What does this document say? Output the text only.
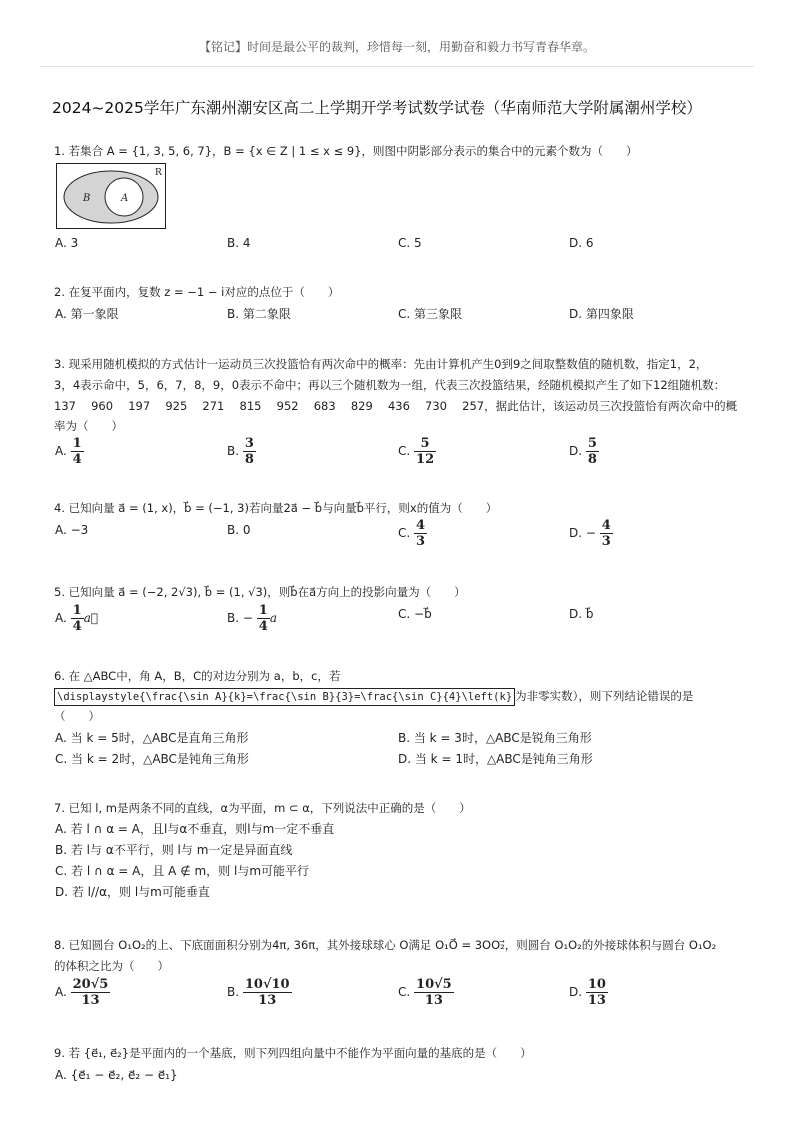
【铭记】时间是最公平的裁判，珍惜每一刻，用勤奋和毅力书写青春华章。
2024~2025学年广东潮州潮安区高二上学期开学考试数学试卷（华南师范大学附属潮州学校）
1. 若集合 A = {1, 3, 5, 6, 7}，B = {x ∈ Z | 1 ≤ x ≤ 9}，则图中阴影部分表示的集合中的元素个数为（　　）
R
B	A
A. 3	B. 4	C. 5	D. 6
2. 在复平面内，复数 z = −1 − i对应的点位于（　　）
A. 第一象限	B. 第二象限	C. 第三象限	D. 第四象限
3. 现采用随机模拟的方式估计一运动员三次投篮恰有两次命中的概率：先由计算机产生0到9之间取整数值的随机数，指定1，2，
3，4表示命中，5，6，7，8，9，0表示不命中；再以三个随机数为一组，代表三次投篮结果，经随机模拟产生了如下12组随机数：
137　 960　 197　 925　 271　 815　 952　 683　 829　 436　 730　 257，据此估计，该运动员三次投篮恰有两次命中的概
率为（　　）
A. $\frac{1}{4}$	B. $\frac{3}{8}$	C. $\frac{5}{12}$	D. $\frac{5}{8}$
4. 已知向量 a⃗ = (1, x)，b⃗ = (−1, 3)若向量2a⃗ − b⃗与向量b⃗平行，则x的值为（　　）
A. −3	B. 0	C. $\frac{4}{3}$	D. − $\frac{4}{3}$
5. 已知向量 a⃗ = (−2, 2√3), b⃗ = (1, √3)，则b⃗在a⃗方向上的投影向量为（　　）
A. $\frac{1}{4}$ a⃗	B. − $\frac{1}{4}$ a	C. −b⃗	D. b⃗
6. 在 △ABC中，角 A，B，C的对边分别为 a，b，c，若
\displaystyle{\frac{\sin A}{k}=\frac{\sin B}{3}=\frac{\sin C}{4}\left(k} 为非零实数），则下列结论错误的是
（　　）
A. 当 k = 5时，△ABC是直角三角形	B. 当 k = 3时，△ABC是锐角三角形
C. 当 k = 2时，△ABC是钝角三角形	D. 当 k = 1时，△ABC是钝角三角形
7. 已知 l, m是两条不同的直线，α为平面，m ⊂ α，下列说法中正确的是（　　）
A. 若 l ∩ α = A，且l与α不垂直，则l与m一定不垂直
B. 若 l与 α不平行，则 l与 m一定是异面直线
C. 若 l ∩ α = A，且 A ∉ m，则 l与m可能平行
D. 若 l//α，则 l与m可能垂直
8. 已知圆台 O₁O₂的上、下底面面积分别为4π, 36π，其外接球球心 O满足 O₁O⃗ = 3OO₂⃗，则圆台 O₁O₂的外接球体积与圆台 O₁O₂
的体积之比为（　　）
A. $\frac{20√5}{13}$	B. $\frac{10√10}{13}$	C. $\frac{10√5}{13}$	D. $\frac{10}{13}$
9. 若 {e⃗₁, e⃗₂}是平面内的一个基底，则下列四组向量中不能作为平面向量的基底的是（　　）
A. {e⃗₁ − e⃗₂, e⃗₂ − e⃗₁}
